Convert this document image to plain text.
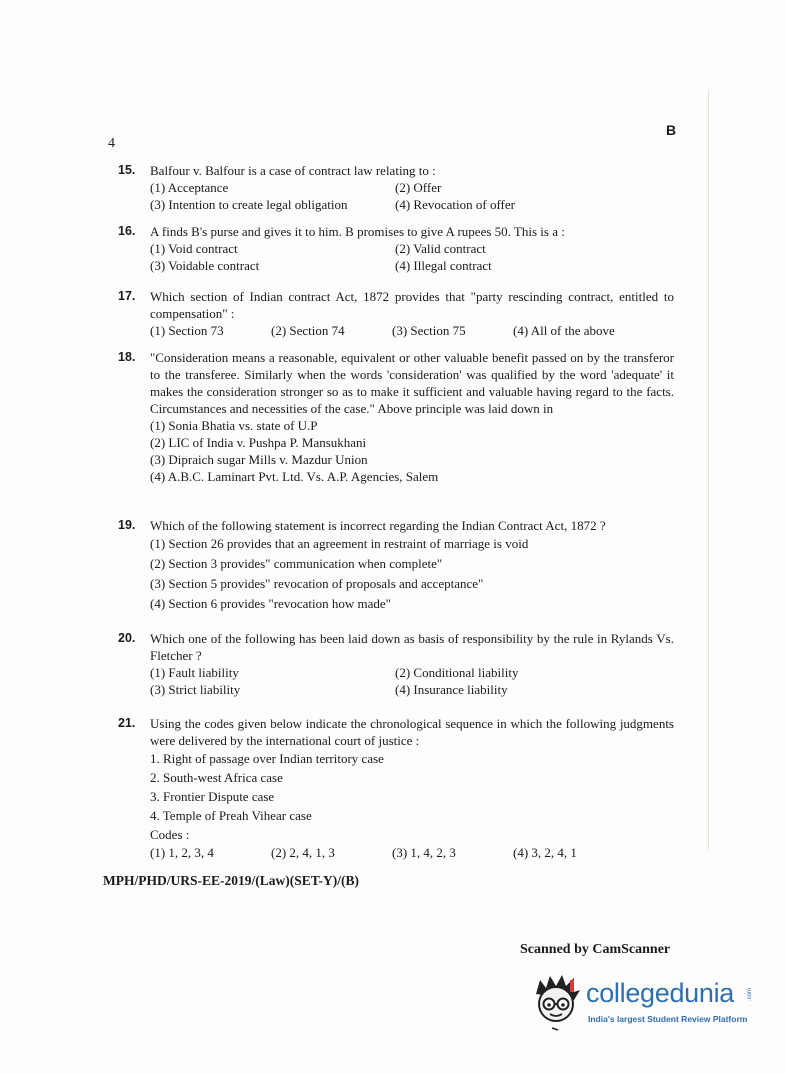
4
B
15. Balfour v. Balfour is a case of contract law relating to :
(1) Acceptance	(2) Offer
(3) Intention to create legal obligation	(4) Revocation of offer
16. A finds B's purse and gives it to him. B promises to give A rupees 50. This is a :
(1) Void contract	(2) Valid contract
(3) Voidable contract	(4) Illegal contract
17. Which section of Indian contract Act, 1872 provides that "party rescinding contract, entitled to compensation" :
(1) Section 73	(2) Section 74	(3) Section 75	(4) All of the above
18. "Consideration means a reasonable, equivalent or other valuable benefit passed on by the transferor to the transferee. Similarly when the words 'consideration' was qualified by the word 'adequate' it makes the consideration stronger so as to make it sufficient and valuable having regard to the facts. Circumstances and necessities of the case." Above principle was laid down in
(1) Sonia Bhatia vs. state of U.P
(2) LIC of India v. Pushpa P. Mansukhani
(3) Dipraich sugar Mills v. Mazdur Union
(4) A.B.C. Laminart Pvt. Ltd. Vs. A.P. Agencies, Salem
19. Which of the following statement is incorrect regarding the Indian Contract Act, 1872 ?
(1) Section 26 provides that an agreement in restraint of marriage is void
(2) Section 3 provides" communication when complete"
(3) Section 5 provides" revocation of proposals and acceptance"
(4) Section 6 provides "revocation how made"
20. Which one of the following has been laid down as basis of responsibility by the rule in Rylands Vs. Fletcher ?
(1) Fault liability	(2) Conditional liability
(3) Strict liability	(4) Insurance liability
21. Using the codes given below indicate the chronological sequence in which the following judgments were delivered by the international court of justice :
1. Right of passage over Indian territory case
2. South-west Africa case
3. Frontier Dispute case
4. Temple of Preah Vihear case
Codes :
(1) 1, 2, 3, 4	(2) 2, 4, 1, 3	(3) 1, 4, 2, 3	(4) 3, 2, 4, 1
MPH/PHD/URS-EE-2019/(Law)(SET-Y)/(B)
Scanned by CamScanner
collegedunia .com
India's largest Student Review Platform
